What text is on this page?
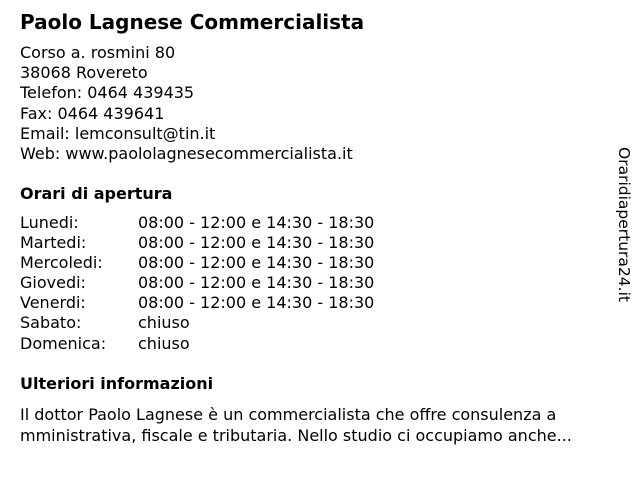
Paolo Lagnese Commercialista
Corso a. rosmini 80
38068 Rovereto
Telefon: 0464 439435
Fax: 0464 439641
Email: lemconsult@tin.it
Web: www.paololagnesecommercialista.it
Orari di apertura
Lunedi:	08:00 - 12:00 e 14:30 - 18:30
Martedi:	08:00 - 12:00 e 14:30 - 18:30
Mercoledi: 08:00 - 12:00 e 14:30 - 18:30
Giovedi:	08:00 - 12:00 e 14:30 - 18:30
Venerdi:	08:00 - 12:00 e 14:30 - 18:30
Sabato:	chiuso
Domenica: chiuso
Ulteriori informazioni
Il dottor Paolo Lagnese è un commercialista che offre consulenza a mministrativa, fiscale e tributaria. Nello studio ci occupiamo anche...
Oraridiapertura24.it
